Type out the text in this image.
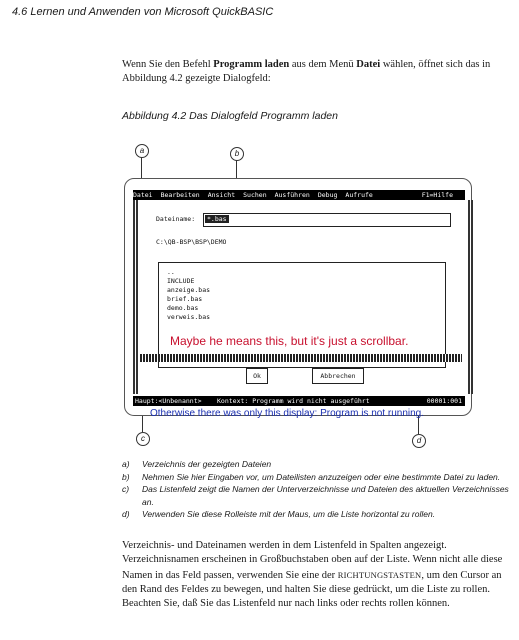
4.6 Lernen und Anwenden von Microsoft QuickBASIC
Wenn Sie den Befehl Programm laden aus dem Menü Datei wählen, öffnet sich das in Abbildung 4.2 gezeigte Dialogfeld:
Abbildung 4.2 Das Dialogfeld Programm laden
Datei Bearbeiten Ansicht Suchen Ausführen Debug Aufrufe	F1=Hilfe
Dateiname:	*.bas
C:\QB-BSP\BSP\DEMO
..
INCLUDE
anzeige.bas
brief.bas
demo.bas
verweis.bas
Maybe he means this, but it's just a scrollbar.
Ok	Abbrechen
Haupt:<Unbenannt> Kontext: Programm wird nicht ausgeführt	00001:001
Otherwise there was only this display: Program is not running.
a	b
c	d
a)	Verzeichnis der gezeigten Dateien
b)	Nehmen Sie hier Eingaben vor, um Dateilisten anzuzeigen oder eine bestimmte Datei zu laden.
c)	Das Listenfeld zeigt die Namen der Unterverzeichnisse und Dateien des aktuellen Verzeichnisses an.
d)	Verwenden Sie diese Rolleiste mit der Maus, um die Liste horizontal zu rollen.
Verzeichnis- und Dateinamen werden in dem Listenfeld in Spalten angezeigt. Verzeichnisnamen erscheinen in Großbuchstaben oben auf der Liste. Wenn nicht alle diese Namen in das Feld passen, verwenden Sie eine der RICHTUNGSTASTEN, um den Cursor an den Rand des Feldes zu bewegen, und halten Sie diese gedrückt, um die Liste zu rollen. Beachten Sie, daß Sie das Listenfeld nur nach links oder rechts rollen können.
